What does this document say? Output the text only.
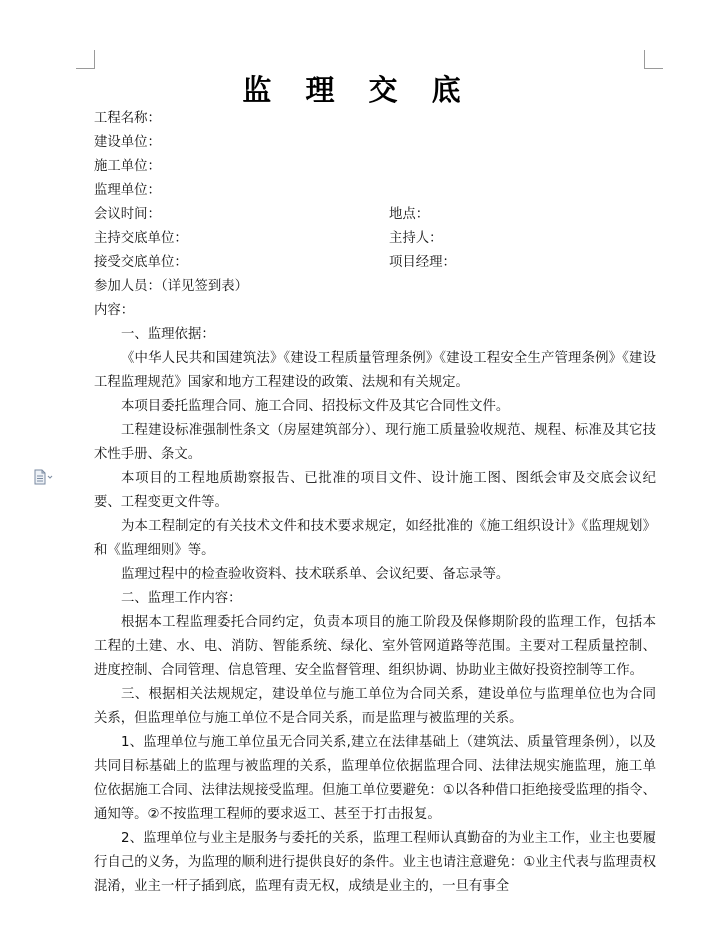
监 理 交 底
工程名称：
建设单位：
施工单位：
监理单位：
会议时间：	地点：
主持交底单位：	主持人：
接受交底单位：	项目经理：
参加人员：（详见签到表）
内容：
一、监理依据：
《中华人民共和国建筑法》《建设工程质量管理条例》《建设工程安全生产管理条例》《建设工程监理规范》国家和地方工程建设的政策、法规和有关规定。
本项目委托监理合同、施工合同、招投标文件及其它合同性文件。
工程建设标准强制性条文（房屋建筑部分）、现行施工质量验收规范、规程、标准及其它技术性手册、条文。
本项目的工程地质勘察报告、已批准的项目文件、设计施工图、图纸会审及交底会议纪要、工程变更文件等。
为本工程制定的有关技术文件和技术要求规定，如经批准的《施工组织设计》《监理规划》和《监理细则》等。
监理过程中的检查验收资料、技术联系单、会议纪要、备忘录等。
二、监理工作内容：
根据本工程监理委托合同约定，负责本项目的施工阶段及保修期阶段的监理工作，包括本工程的土建、水、电、消防、智能系统、绿化、室外管网道路等范围。主要对工程质量控制、进度控制、合同管理、信息管理、安全监督管理、组织协调、协助业主做好投资控制等工作。
三、根据相关法规规定，建设单位与施工单位为合同关系，建设单位与监理单位也为合同关系，但监理单位与施工单位不是合同关系，而是监理与被监理的关系。
1、监理单位与施工单位虽无合同关系,建立在法律基础上（建筑法、质量管理条例），以及共同目标基础上的监理与被监理的关系，监理单位依据监理合同、法律法规实施监理，施工单位依据施工合同、法律法规接受监理。但施工单位要避免：①以各种借口拒绝接受监理的指令、通知等。②不按监理工程师的要求返工、甚至于打击报复。
2、监理单位与业主是服务与委托的关系，监理工程师认真勤奋的为业主工作，业主也要履行自己的义务，为监理的顺利进行提供良好的条件。业主也请注意避免：①业主代表与监理责权混淆，业主一杆子插到底，监理有责无权，成绩是业主的，一旦有事全
